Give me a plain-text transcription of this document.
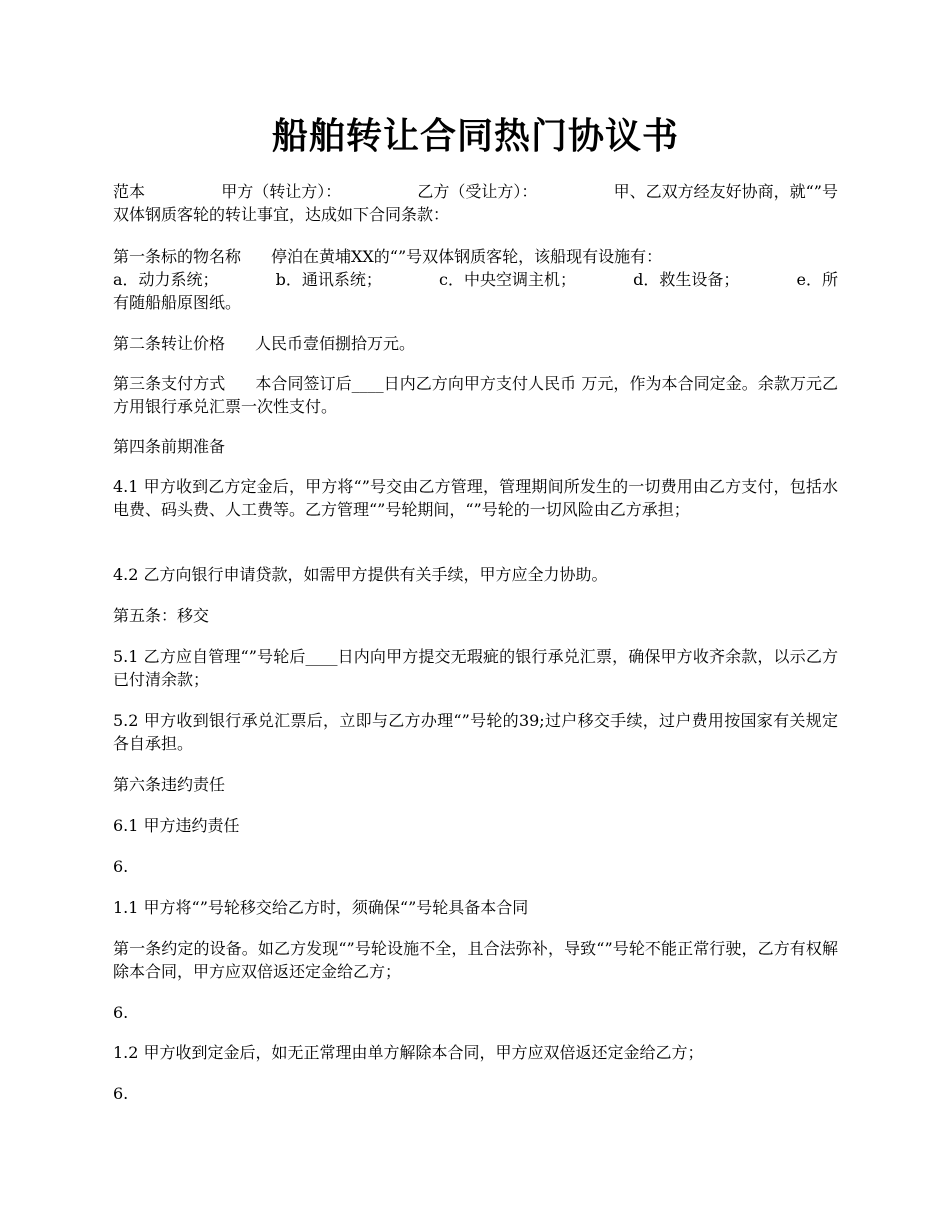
船舶转让合同热门协议书
范本	甲方（转让方）：	乙方（受让方）：	甲、乙双方经友好协商，就“”号
双体钢质客轮的转让事宜，达成如下合同条款：
第一条标的物名称 停泊在黄埔XX的“”号双体钢质客轮，该船现有设施有：
a．动力系统；	b．通讯系统；	c．中央空调主机；	d．救生设备；	e．所
有随船船原图纸。
第二条转让价格 人民币壹佰捌拾万元。
第三条支付方式 本合同签订后____日内乙方向甲方支付人民币 万元，作为本合同定金。余款万元乙方用银行承兑汇票一次性支付。
第四条前期准备
4.1 甲方收到乙方定金后，甲方将“”号交由乙方管理，管理期间所发生的一切费用由乙方支付，包括水电费、码头费、人工费等。乙方管理“”号轮期间，“”号轮的一切风险由乙方承担；
4.2 乙方向银行申请贷款，如需甲方提供有关手续，甲方应全力协助。
第五条：移交
5.1 乙方应自管理“”号轮后____日内向甲方提交无瑕疵的银行承兑汇票，确保甲方收齐余款，以示乙方已付清余款；
5.2 甲方收到银行承兑汇票后，立即与乙方办理“”号轮的39;过户移交手续，过户费用按国家有关规定各自承担。
第六条违约责任
6.1 甲方违约责任
6.
1.1 甲方将“”号轮移交给乙方时，须确保“”号轮具备本合同
第一条约定的设备。如乙方发现“”号轮设施不全，且合法弥补，导致“”号轮不能正常行驶，乙方有权解除本合同，甲方应双倍返还定金给乙方；
6.
1.2 甲方收到定金后，如无正常理由单方解除本合同，甲方应双倍返还定金给乙方；
6.
